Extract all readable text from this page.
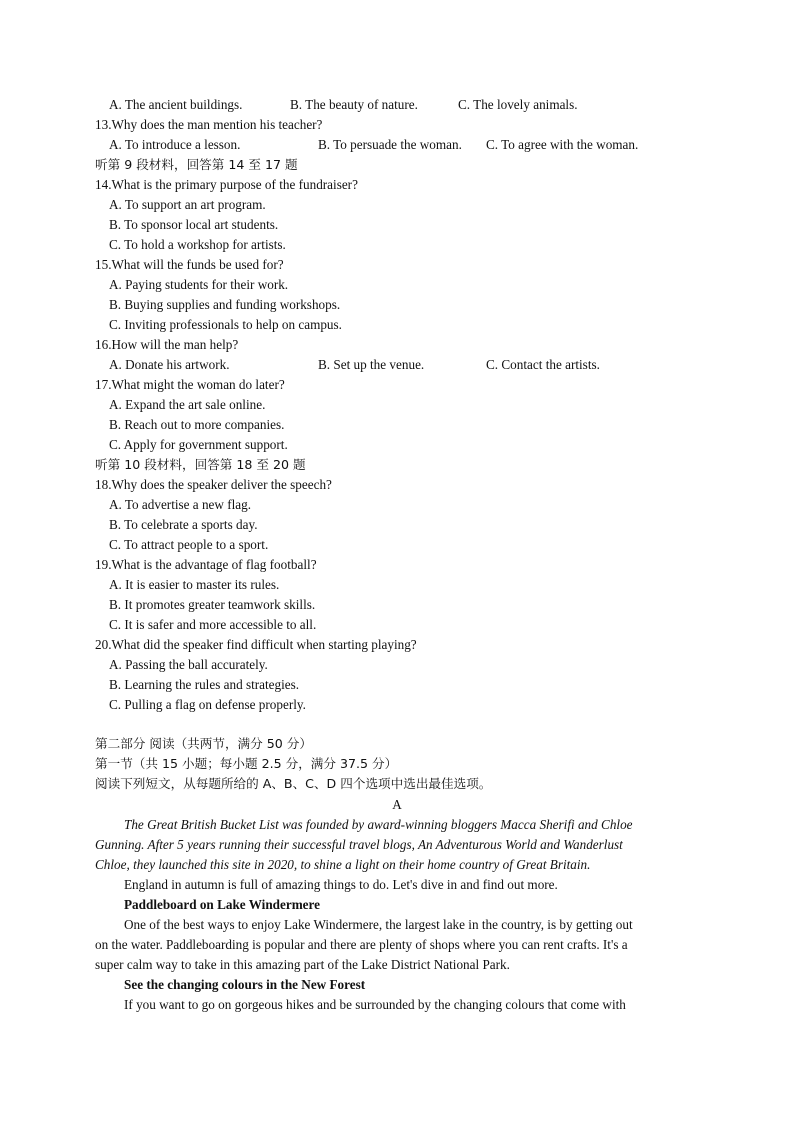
A. The ancient buildings.	B. The beauty of nature.	C. The lovely animals.
13.Why does the man mention his teacher?
A. To introduce a lesson.	B. To persuade the woman. C. To agree with the woman.
听第 9 段材料，回答第 14 至 17 题
14.What is the primary purpose of the fundraiser?
A. To support an art program.
B. To sponsor local art students.
C. To hold a workshop for artists.
15.What will the funds be used for?
A. Paying students for their work.
B. Buying supplies and funding workshops.
C. Inviting professionals to help on campus.
16.How will the man help?
A. Donate his artwork.	B. Set up the venue.	C. Contact the artists.
17.What might the woman do later?
A. Expand the art sale online.
B. Reach out to more companies.
C. Apply for government support.
听第 10 段材料，回答第 18 至 20 题
18.Why does the speaker deliver the speech?
A. To advertise a new flag.
B. To celebrate a sports day.
C. To attract people to a sport.
19.What is the advantage of flag football?
A. It is easier to master its rules.
B. It promotes greater teamwork skills.
C. It is safer and more accessible to all.
20.What did the speaker find difficult when starting playing?
A. Passing the ball accurately.
B. Learning the rules and strategies.
C. Pulling a flag on defense properly.
第二部分 阅读（共两节，满分 50 分）
第一节（共 15 小题；每小题 2.5 分，满分 37.5 分）
阅读下列短文，从每题所给的 A、B、C、D 四个选项中选出最佳选项。
A
The Great British Bucket List was founded by award-winning bloggers Macca Sherifi and Chloe
Gunning. After 5 years running their successful travel blogs, An Adventurous World and Wanderlust
Chloe, they launched this site in 2020, to shine a light on their home country of Great Britain.
England in autumn is full of amazing things to do. Let's dive in and find out more.
Paddleboard on Lake Windermere
One of the best ways to enjoy Lake Windermere, the largest lake in the country, is by getting out
on the water. Paddleboarding is popular and there are plenty of shops where you can rent crafts. It's a
super calm way to take in this amazing part of the Lake District National Park.
See the changing colours in the New Forest
If you want to go on gorgeous hikes and be surrounded by the changing colours that come with
